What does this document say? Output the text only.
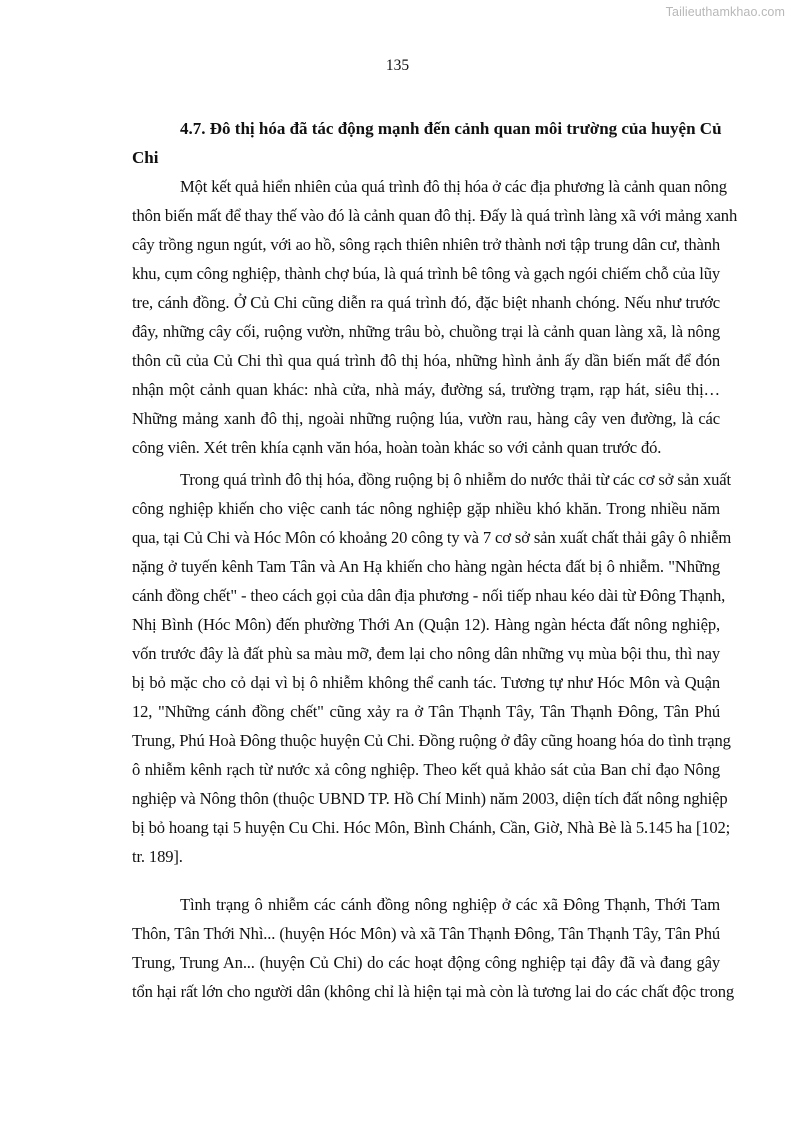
Tailieuthamkhao.com
135
4.7. Đô thị hóa đã tác động mạnh đến cảnh quan môi trường của huyện Củ
Chi
Một kết quả hiển nhiên của quá trình đô thị hóa ở các địa phương là cảnh quan nông
thôn biến mất để thay thế vào đó là cảnh quan đô thị. Đấy là quá trình làng xã với mảng xanh
cây trồng ngun ngút, với ao hồ, sông rạch thiên nhiên trở thành nơi tập trung dân cư, thành
khu, cụm công nghiệp, thành chợ búa, là quá trình bê tông và gạch ngói chiếm chỗ của lũy
tre, cánh đồng. Ở Củ Chi cũng diễn ra quá trình đó, đặc biệt nhanh chóng. Nếu như trước
đây, những cây cối, ruộng vườn, những trâu bò, chuồng trại là cảnh quan làng xã, là nông
thôn cũ của Củ Chi thì qua quá trình đô thị hóa, những hình ảnh ấy dần biến mất để đón
nhận một cảnh quan khác: nhà cửa, nhà máy, đường sá, trường trạm, rạp hát, siêu thị…
Những mảng xanh đô thị, ngoài những ruộng lúa, vườn rau, hàng cây ven đường, là các
công viên. Xét trên khía cạnh văn hóa, hoàn toàn khác so với cảnh quan trước đó.
Trong quá trình đô thị hóa, đồng ruộng bị ô nhiễm do nước thải từ các cơ sở sản xuất
công nghiệp khiến cho việc canh tác nông nghiệp gặp nhiều khó khăn. Trong nhiều năm
qua, tại Củ Chi và Hóc Môn có khoảng 20 công ty và 7 cơ sở sản xuất chất thải gây ô nhiễm
nặng ở tuyến kênh Tam Tân và An Hạ khiến cho hàng ngàn hécta đất bị ô nhiễm. "Những
cánh đồng chết" - theo cách gọi của dân địa phương - nối tiếp nhau kéo dài từ Đông Thạnh,
Nhị Bình (Hóc Môn) đến phường Thới An (Quận 12). Hàng ngàn hécta đất nông nghiệp,
vốn trước đây là đất phù sa màu mỡ, đem lại cho nông dân những vụ mùa bội thu, thì nay
bị bỏ mặc cho cỏ dại vì bị ô nhiễm không thể canh tác. Tương tự như Hóc Môn và Quận
12, "Những cánh đồng chết" cũng xảy ra ở Tân Thạnh Tây, Tân Thạnh Đông, Tân Phú
Trung, Phú Hoà Đông thuộc huyện Củ Chi. Đồng ruộng ở đây cũng hoang hóa do tình trạng
ô nhiễm kênh rạch từ nước xả công nghiệp. Theo kết quả khảo sát của Ban chỉ đạo Nông
nghiệp và Nông thôn (thuộc UBND TP. Hồ Chí Minh) năm 2003, diện tích đất nông nghiệp
bị bỏ hoang tại 5 huyện Cu Chi. Hóc Môn, Bình Chánh, Cần, Giờ, Nhà Bè là 5.145 ha [102;
tr. 189].
Tình trạng ô nhiễm các cánh đồng nông nghiệp ở các xã Đông Thạnh, Thới Tam
Thôn, Tân Thới Nhì... (huyện Hóc Môn) và xã Tân Thạnh Đông, Tân Thạnh Tây, Tân Phú
Trung, Trung An... (huyện Củ Chi) do các hoạt động công nghiệp tại đây đã và đang gây
tổn hại rất lớn cho người dân (không chỉ là hiện tại mà còn là tương lai do các chất độc trong
